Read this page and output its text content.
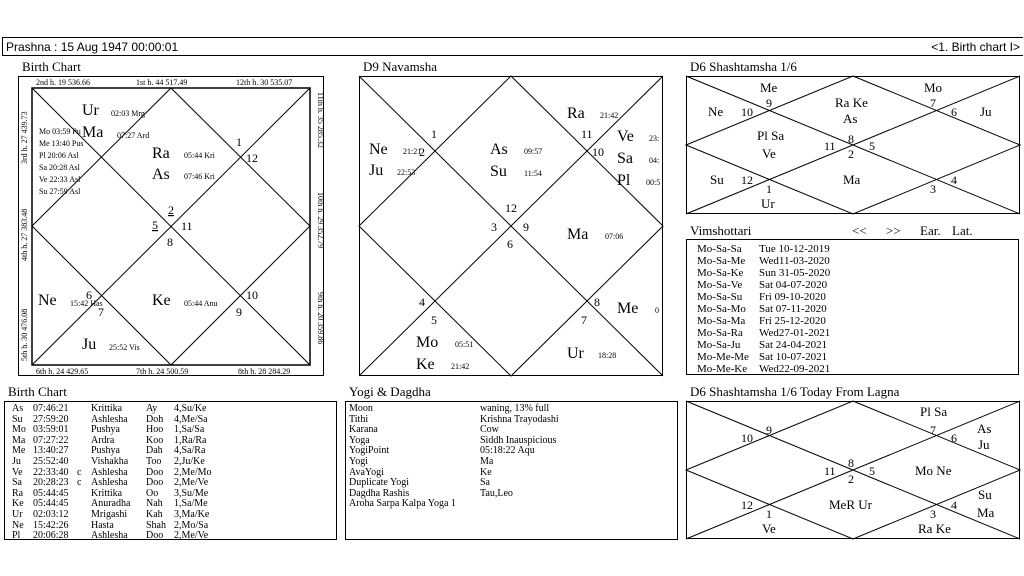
Prashna : 15 Aug 1947 00:00:01	<1. Birth chart I>
Birth Chart
2nd h. 19 536.66	1st h. 44 517.49	12th h. 30 535.07
6th h. 24 429.65	7th h. 24 500.59	8th h. 28 284.29
3rd h. 27 439.73
4th h. 27 383.48
5th h. 30 476.08
11th h. 35 285.32
10th h. 29 352.79
9th h. 20 359.86
1
12
2
5 11
8
6
7
10
9
Ur 02:03 Mrg
Ma 07:27 Ard
Ra 05:44 Kri
As 07:46 Kri
Ne 15:42 Has	Ke 05:44 Anu
Ju 25:52 Vis
Mo 03:59 Pu
Me 13:40 Pus
Pl 20:06 Asl
Sa 20:28 Asl
Ve 22:33 Asl
Su 27:59 Asl
D9 Navamsha
1
2
11
10
12
3 9
6
4
5
8
7
Ne 21:21
Ju 22:53
As 09:57
Su 11:54
Ra 21:42
Ve 23:
Sa 04:
Pl 00:5
Ma 07:06
Me 0
Mo 05:51
Ke 21:42
Ur 18:28
D6 Shashtamsha 1/6
9
10
7
6
8
11
2
5
12
1	3
4
Me	Mo
Ne	Ju
Ra Ke
As
Pl Sa
Ve
Su
Ur
Ma
Vimshottari	<< >> Ear. Lat.
Mo-Sa-Sa	Tue 10-12-2019
Mo-Sa-Me	Wed11-03-2020
Mo-Sa-Ke	Sun 31-05-2020
Mo-Sa-Ve	Sat 04-07-2020
Mo-Sa-Su	Fri 09-10-2020
Mo-Sa-Mo	Sat 07-11-2020
Mo-Sa-Ma	Fri 25-12-2020
Mo-Sa-Ra	Wed27-01-2021
Mo-Sa-Ju	Sat 24-04-2021
Mo-Me-Me Sat 10-07-2021
Mo-Me-Ke	Wed22-09-2021
Birth Chart
As 07:46:21	Krittika	Ay	4,Su/Ke
Su	27:59:20	Ashlesha	Doh	4,Me/Sa
Mo 03:59:01	Pushya	Hoo	1,Sa/Sa
Ma 07:27:22	Ardra	Koo	1,Ra/Ra
Me 13:40:27	Pushya	Dah	4,Sa/Ra
Ju	25:52:40	Vishakha	Too	2,Ju/Ke
Ve	22:33:40 c Ashlesha	Doo	2,Me/Mo
Sa	20:28:23 c Ashlesha	Doo	2,Me/Ve
Ra 05:44:45	Krittika	Oo	3,Su/Me
Ke 05:44:45	Anuradha	Nah	1,Sa/Me
Ur	02:03:12	Mrigashi	Kah	3,Ma/Ke
Ne 15:42:26	Hasta	Shah 2,Mo/Sa
Pl	20:06:28	Ashlesha	Doo	2,Me/Ve
Yogi & Dagdha
Moon	waning, 13% full
Tithi	Krishna Trayodashi
Karana	Cow
Yoga	Siddh Inauspicious
YogiPoint	05:18:22 Aqu
Yogi	Ma
AvaYogi	Ke
Duplicate Yogi	Sa
Dagdha Rashis	Tau,Leo
Aroha Sarpa Kalpa Yoga 1
D6 Shashtamsha 1/6 Today From Lagna
9
10
7
6
8
11
2
5
12
1	3
4
Pl Sa
As
Ju
Mo Ne
MeR Ur
Su
Ma
Ve	Ra Ke
